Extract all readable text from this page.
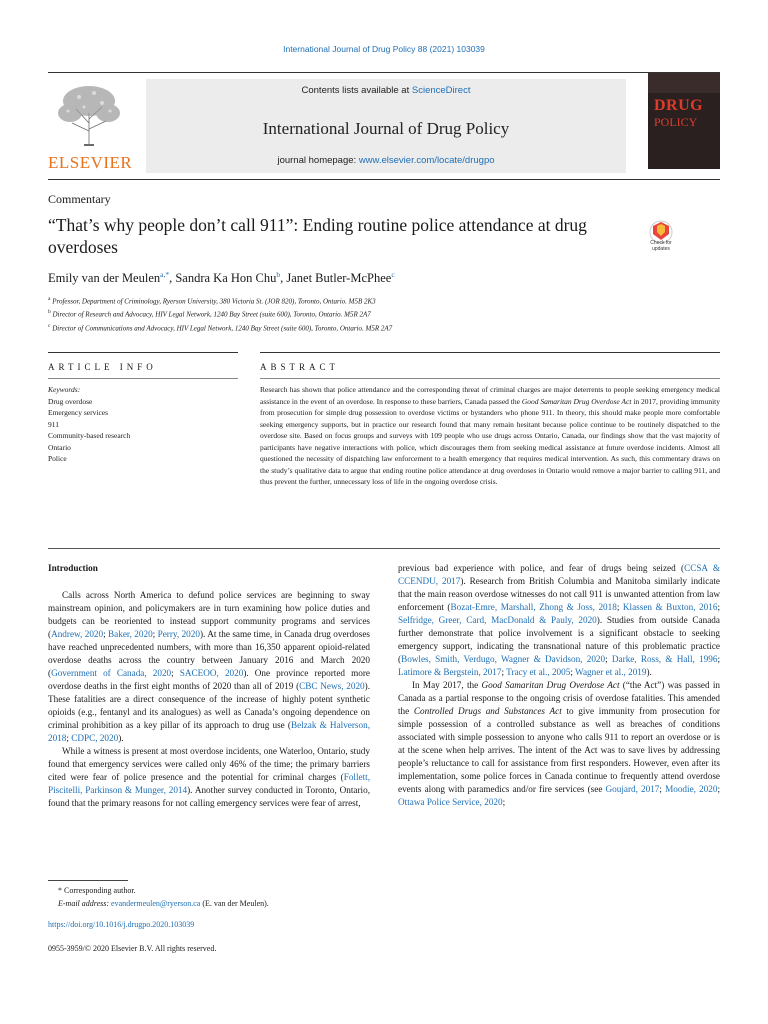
International Journal of Drug Policy 88 (2021) 103039
ELSEVIER
Contents lists available at ScienceDirect
International Journal of Drug Policy
journal homepage: www.elsevier.com/locate/drugpo
DRUG
POLICY
Commentary
“That’s why people don’t call 911”: Ending routine police attendance at drug overdoses	Check for updates
Emily van der Meulen$^{a,*}$, Sandra Ka Hon Chu$^b$, Janet Butler-McPhee$^c$
$^a$ Professor, Department of Criminology, Ryerson University, 380 Victoria St. (JOR 820), Toronto, Ontario. M5B 2K3
$^b$ Director of Research and Advocacy, HIV Legal Network, 1240 Bay Street (suite 600), Toronto, Ontario. M5R 2A7
$^c$ Director of Communications and Advocacy, HIV Legal Network, 1240 Bay Street (suite 600), Toronto, Ontario. M5R 2A7
ARTICLE INFO	ABSTRACT
Keywords:
Drug overdose
Emergency services
911
Community-based research
Ontario
Police
Research has shown that police attendance and the corresponding threat of criminal charges are major deterrents to people seeking emergency medical assistance in the event of an overdose. In response to these barriers, Canada passed the Good Samaritan Drug Overdose Act in 2017, providing immunity from prosecution for simple drug possession to overdose victims or bystanders who phone 911. In theory, this should make people more comfortable seeking emergency supports, but in practice our research found that many remain hesitant because police continue to be routinely dispatched to the overdose site. Based on focus groups and surveys with 109 people who use drugs across Ontario, Canada, our findings show that the vast majority of participants have negative interactions with police, which discourages them from seeking medical assistance at future overdose incidents. Almost all questioned the necessity of dispatching law enforcement to a health emergency that requires medical intervention. As such, this commentary draws on the study’s qualitative data to argue that ending routine police attendance at drug overdoses in Ontario would remove a major barrier to calling 911, and thus prevent the further, unnecessary loss of life in the ongoing overdose crisis.
Introduction

Calls across North America to defund police services are beginning to sway mainstream opinion, and policymakers are in turn examining how police duties and budgets can be reoriented to instead support community programs and services (Andrew, 2020; Baker, 2020; Perry, 2020). At the same time, in Canada drug overdoses have reached unprecedented numbers, with more than 16,350 apparent opioid-related overdose deaths across the country between January 2016 and March 2020 (Government of Canada, 2020; SACEOO, 2020). One province reported more overdose deaths in the first eight months of 2020 than all of 2019 (CBC News, 2020). These fatalities are a direct consequence of the increase of highly potent synthetic opioids (e.g., fentanyl and its analogues) as well as Canada’s ongoing dependence on criminal prohibition as a key pillar of its approach to drug use (Belzak & Halverson, 2018; CDPC, 2020).

While a witness is present at most overdose incidents, one Waterloo, Ontario, study found that emergency services were called only 46% of the time; the primary barriers cited were fear of police presence and the potential for criminal charges (Follett, Piscitelli, Parkinson & Munger, 2014). Another survey conducted in Toronto, Ontario, found that the primary reasons for not calling emergency services were fear of arrest,

previous bad experience with police, and fear of drugs being seized (CCSA & CCENDU, 2017). Research from British Columbia and Manitoba similarly indicate that the main reason overdose witnesses do not call 911 is unwanted attention from law enforcement (Bozat-Emre, Marshall, Zhong & Joss, 2018; Klassen & Buxton, 2016; Selfridge, Greer, Card, MacDonald & Pauly, 2020). Studies from outside Canada further demonstrate that police involvement is a significant obstacle to seeking emergency support, indicating the transnational nature of this problematic practice (Bowles, Smith, Verdugo, Wagner & Davidson, 2020; Darke, Ross, & Hall, 1996; Latimore & Bergstein, 2017; Tracy et al., 2005; Wagner et al., 2019).

In May 2017, the Good Samaritan Drug Overdose Act (“the Act”) was passed in Canada as a partial response to the ongoing crisis of overdose fatalities. This amended the Controlled Drugs and Substances Act to give immunity from prosecution for simple possession of a controlled substance as well as breaches of conditions associated with simple possession to anyone who calls 911 to report an overdose or is at the scene when help arrives. The intent of the Act was to save lives by addressing people’s reluctance to call for assistance from first responders. However, even after its implementation, some police forces in Canada continue to frequently attend overdose events along with paramedics and/or fire services (see Goujard, 2017; Moodie, 2020; Ottawa Police Service, 2020;

* Corresponding author.
E-mail address: evandermeulen@ryerson.ca (E. van der Meulen).
https://doi.org/10.1016/j.drugpo.2020.103039
0955-3959/© 2020 Elsevier B.V. All rights reserved.
